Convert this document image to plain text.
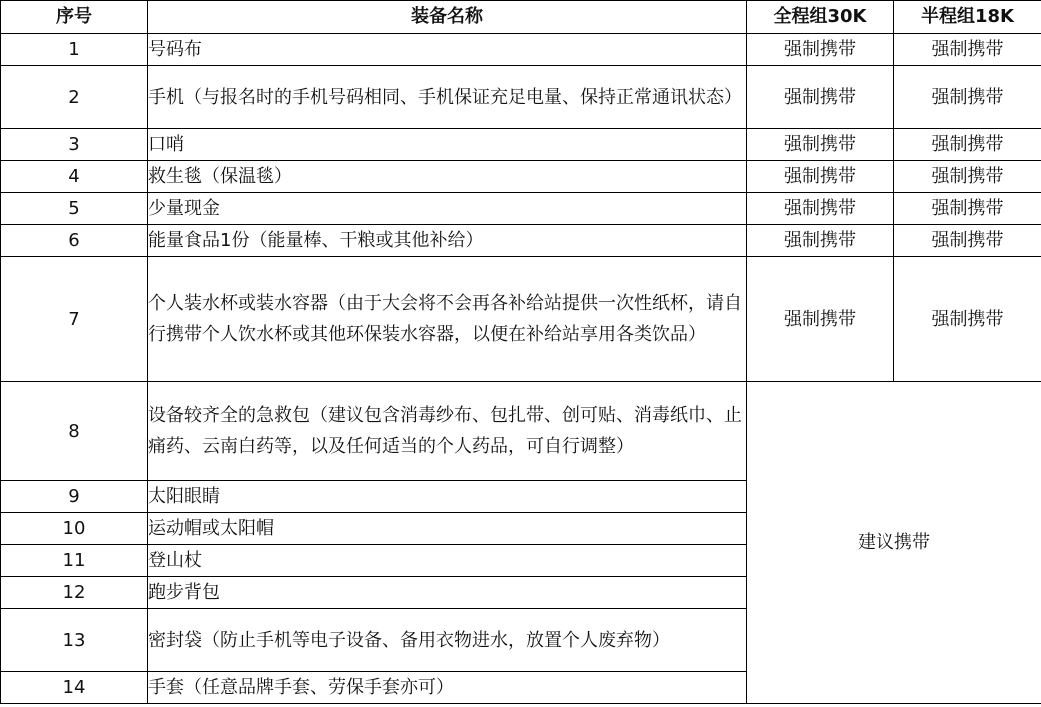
序号	装备名称	全程组30K	半程组18K
1	号码布	强制携带	强制携带
2	手机（与报名时的手机号码相同、手机保证充足电量、保持正常通讯状态）	强制携带	强制携带
3	口哨	强制携带	强制携带
4	救生毯（保温毯）	强制携带	强制携带
5	少量现金	强制携带	强制携带
6	能量食品1份（能量棒、干粮或其他补给）	强制携带	强制携带
7	个人装水杯或装水容器（由于大会将不会再各补给站提供一次性纸杯，请自行携带个人饮水杯或其他环保装水容器，以便在补给站享用各类饮品）	强制携带	强制携带
8	设备较齐全的急救包（建议包含消毒纱布、包扎带、创可贴、消毒纸巾、止痛药、云南白药等，以及任何适当的个人药品，可自行调整）	建议携带	
9	太阳眼睛		
10	运动帽或太阳帽		
11	登山杖		
12	跑步背包		
13	密封袋（防止手机等电子设备、备用衣物进水，放置个人废弃物）		
14	手套（任意品牌手套、劳保手套亦可）		
